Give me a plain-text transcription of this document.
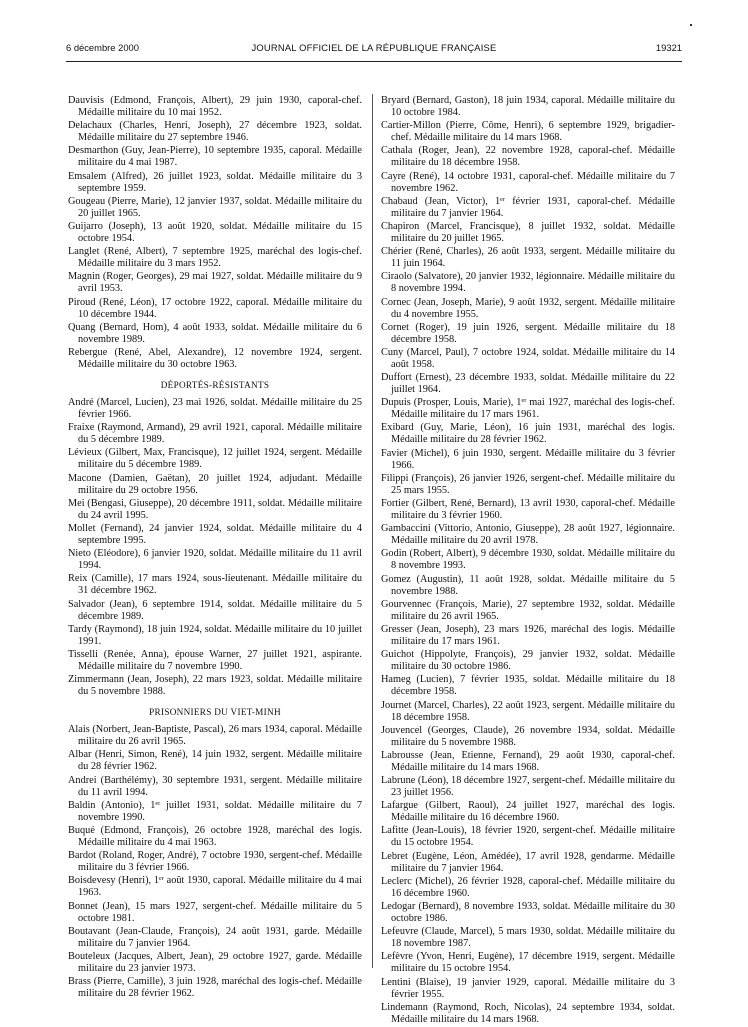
6 décembre 2000	JOURNAL OFFICIEL DE LA RÉPUBLIQUE FRANÇAISE	19321

Dauvisis (Edmond, François, Albert), 29 juin 1930, caporal-chef. Médaille militaire du 10 mai 1952.

Delachaux (Charles, Henri, Joseph), 27 décembre 1923, soldat. Médaille militaire du 27 septembre 1946.

Desmarthon (Guy, Jean-Pierre), 10 septembre 1935, caporal. Médaille militaire du 4 mai 1987.

Emsalem (Alfred), 26 juillet 1923, soldat. Médaille militaire du 3 septembre 1959.

Gougeau (Pierre, Marie), 12 janvier 1937, soldat. Médaille militaire du 20 juillet 1965.

Guijarro (Joseph), 13 août 1920, soldat. Médaille militaire du 15 octobre 1954.

Langlet (René, Albert), 7 septembre 1925, maréchal des logis-chef. Médaille militaire du 3 mars 1952.

Magnin (Roger, Georges), 29 mai 1927, soldat. Médaille militaire du 9 avril 1953.

Piroud (René, Léon), 17 octobre 1922, caporal. Médaille militaire du 10 décembre 1944.

Quang (Bernard, Hom), 4 août 1933, soldat. Médaille militaire du 6 novembre 1989.

Rebergue (René, Abel, Alexandre), 12 novembre 1924, sergent. Médaille militaire du 30 octobre 1963.

DÉPORTÉS-RÉSISTANTS

André (Marcel, Lucien), 23 mai 1926, soldat. Médaille militaire du 25 février 1966.

Fraixe (Raymond, Armand), 29 avril 1921, caporal. Médaille militaire du 5 décembre 1989.

Lévieux (Gilbert, Max, Francisque), 12 juillet 1924, sergent. Médaille militaire du 5 décembre 1989.

Macone (Damien, Gaëtan), 20 juillet 1924, adjudant. Médaille militaire du 29 octobre 1956.

Mei (Bengasi, Giuseppe), 20 décembre 1911, soldat. Médaille militaire du 24 avril 1995.

Mollet (Fernand), 24 janvier 1924, soldat. Médaille militaire du 4 septembre 1995.

Nieto (Eléodore), 6 janvier 1920, soldat. Médaille militaire du 11 avril 1994.

Reix (Camille), 17 mars 1924, sous-lieutenant. Médaille militaire du 31 décembre 1962.

Salvador (Jean), 6 septembre 1914, soldat. Médaille militaire du 5 décembre 1989.

Tardy (Raymond), 18 juin 1924, soldat. Médaille militaire du 10 juillet 1991.

Tisselli (Renée, Anna), épouse Warner, 27 juillet 1921, aspirante. Médaille militaire du 7 novembre 1990.

Zimmermann (Jean, Joseph), 22 mars 1923, soldat. Médaille militaire du 5 novembre 1988.

PRISONNIERS DU VIET-MINH

Alais (Norbert, Jean-Baptiste, Pascal), 26 mars 1934, caporal. Médaille militaire du 26 avril 1965.

Albar (Henri, Simon, René), 14 juin 1932, sergent. Médaille militaire du 28 février 1962.

Andrei (Barthélémy), 30 septembre 1931, sergent. Médaille militaire du 11 avril 1994.

Baldin (Antonio), 1ᵉʳ juillet 1931, soldat. Médaille militaire du 7 novembre 1990.

Buqué (Edmond, François), 26 octobre 1928, maréchal des logis. Médaille militaire du 4 mai 1963.

Bardot (Roland, Roger, André), 7 octobre 1930, sergent-chef. Médaille militaire du 3 février 1966.

Boisdevesy (Henri), 1ᵉʳ août 1930, caporal. Médaille militaire du 4 mai 1963.

Bonnet (Jean), 15 mars 1927, sergent-chef. Médaille militaire du 5 octobre 1981.

Boutavant (Jean-Claude, François), 24 août 1931, garde. Médaille militaire du 7 janvier 1964.

Bouteleux (Jacques, Albert, Jean), 29 octobre 1927, garde. Médaille militaire du 23 janvier 1973.

Brass (Pierre, Camille), 3 juin 1928, maréchal des logis-chef. Médaille militaire du 28 février 1962.

Bryard (Bernard, Gaston), 18 juin 1934, caporal. Médaille militaire du 10 octobre 1984.

Cartier-Millon (Pierre, Côme, Henri), 6 septembre 1929, brigadier-chef. Médaille militaire du 14 mars 1968.

Cathala (Roger, Jean), 22 novembre 1928, caporal-chef. Médaille militaire du 18 décembre 1958.

Cayre (René), 14 octobre 1931, caporal-chef. Médaille militaire du 7 novembre 1962.

Chabaud (Jean, Victor), 1ᵉʳ février 1931, caporal-chef. Médaille militaire du 7 janvier 1964.

Chapiron (Marcel, Francisque), 8 juillet 1932, soldat. Médaille militaire du 20 juillet 1965.

Chérier (René, Charles), 26 août 1933, sergent. Médaille militaire du 11 juin 1964.

Ciraolo (Salvatore), 20 janvier 1932, légionnaire. Médaille militaire du 8 novembre 1994.

Cornec (Jean, Joseph, Marie), 9 août 1932, sergent. Médaille militaire du 4 novembre 1955.

Cornet (Roger), 19 juin 1926, sergent. Médaille militaire du 18 décembre 1958.

Cuny (Marcel, Paul), 7 octobre 1924, soldat. Médaille militaire du 14 août 1958.

Duffort (Ernest), 23 décembre 1933, soldat. Médaille militaire du 22 juillet 1964.

Dupuis (Prosper, Louis, Marie), 1ᵉʳ mai 1927, maréchal des logis-chef. Médaille militaire du 17 mars 1961.

Exibard (Guy, Marie, Léon), 16 juin 1931, maréchal des logis. Médaille militaire du 28 février 1962.

Favier (Michel), 6 juin 1930, sergent. Médaille militaire du 3 février 1966.

Filippi (François), 26 janvier 1926, sergent-chef. Médaille militaire du 25 mars 1955.

Fortier (Gilbert, René, Bernard), 13 avril 1930, caporal-chef. Médaille militaire du 3 février 1960.

Gambaccini (Vittorio, Antonio, Giuseppe), 28 août 1927, légionnaire. Médaille militaire du 20 avril 1978.

Godin (Robert, Albert), 9 décembre 1930, soldat. Médaille militaire du 8 novembre 1993.

Gomez (Augustin), 11 août 1928, soldat. Médaille militaire du 5 novembre 1988.

Gourvennec (François, Marie), 27 septembre 1932, soldat. Médaille militaire du 26 avril 1965.

Gresser (Jean, Joseph), 23 mars 1926, maréchal des logis. Médaille militaire du 17 mars 1961.

Guichot (Hippolyte, François), 29 janvier 1932, soldat. Médaille militaire du 30 octobre 1986.

Hameg (Lucien), 7 février 1935, soldat. Médaille militaire du 18 décembre 1958.

Journet (Marcel, Charles), 22 août 1923, sergent. Médaille militaire du 18 décembre 1958.

Jouvencel (Georges, Claude), 26 novembre 1934, soldat. Médaille militaire du 5 novembre 1988.

Labrousse (Jean, Etienne, Fernand), 29 août 1930, caporal-chef. Médaille militaire du 14 mars 1968.

Labrune (Léon), 18 décembre 1927, sergent-chef. Médaille militaire du 23 juillet 1956.

Lafargue (Gilbert, Raoul), 24 juillet 1927, maréchal des logis. Médaille militaire du 16 décembre 1960.

Lafitte (Jean-Louis), 18 février 1920, sergent-chef. Médaille militaire du 15 octobre 1954.

Lebret (Eugène, Léon, Amédée), 17 avril 1928, gendarme. Médaille militaire du 7 janvier 1964.

Leclerc (Michel), 26 février 1928, caporal-chef. Médaille militaire du 16 décembre 1960.

Ledogar (Bernard), 8 novembre 1933, soldat. Médaille militaire du 30 octobre 1986.

Lefeuvre (Claude, Marcel), 5 mars 1930, soldat. Médaille militaire du 18 novembre 1987.

Lefèvre (Yvon, Henri, Eugène), 17 décembre 1919, sergent. Médaille militaire du 15 octobre 1954.

Lentini (Blaise), 19 janvier 1929, caporal. Médaille militaire du 3 février 1955.

Lindemann (Raymond, Roch, Nicolas), 24 septembre 1934, soldat. Médaille militaire du 14 mars 1968.
